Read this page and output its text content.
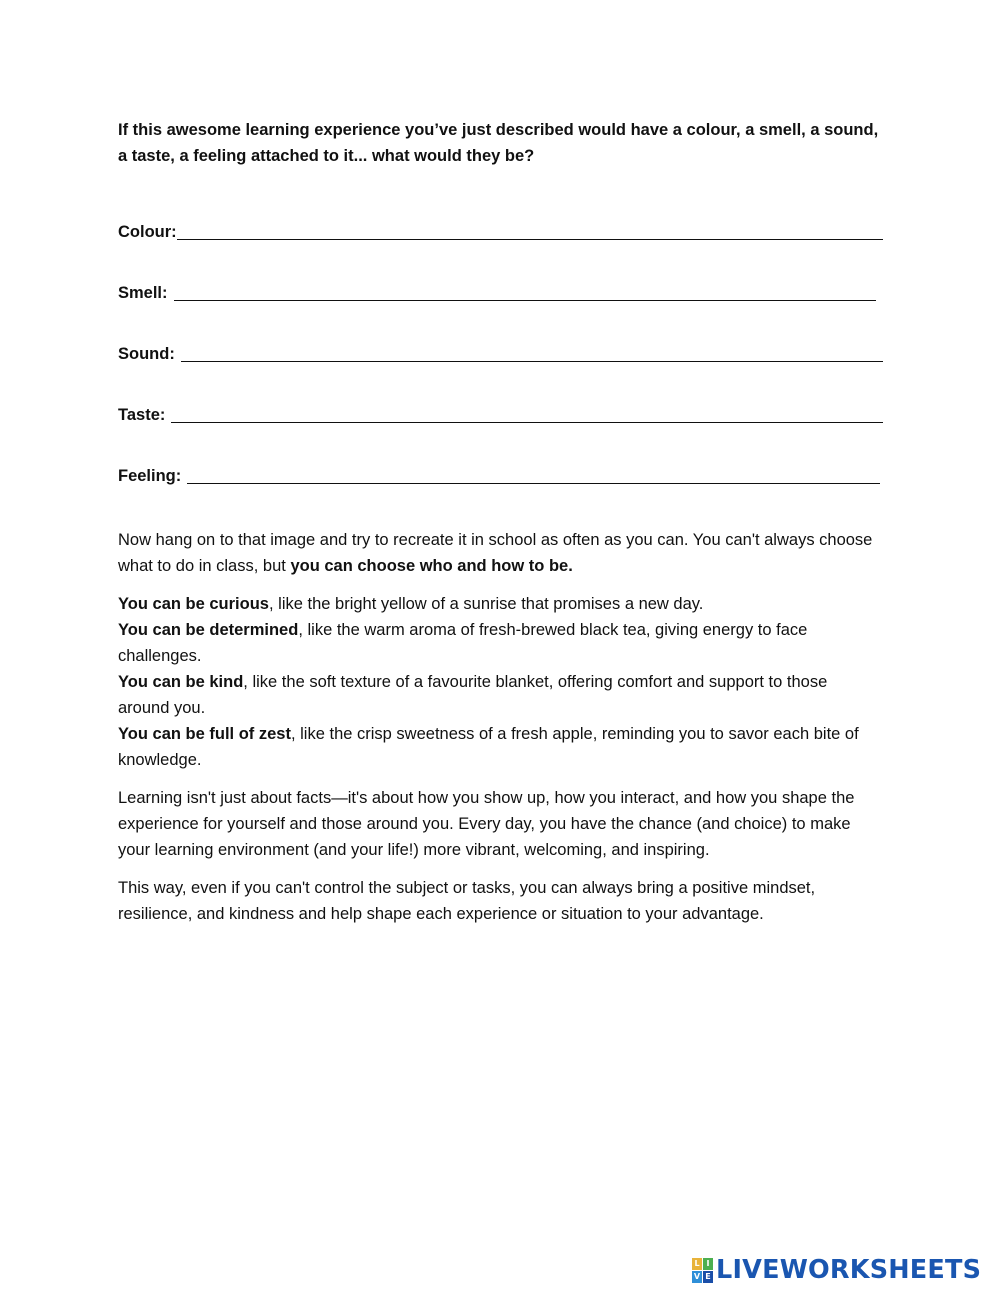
If this awesome learning experience you’ve just described would have a colour, a smell, a sound, a taste, a feeling attached to it... what would they be?

Colour:
Smell:
Sound:
Taste:
Feeling:

Now hang on to that image and try to recreate it in school as often as you can. You can't always choose what to do in class, but you can choose who and how to be.

You can be curious, like the bright yellow of a sunrise that promises a new day.

You can be determined, like the warm aroma of fresh-brewed black tea, giving energy to face challenges.

You can be kind, like the soft texture of a favourite blanket, offering comfort and support to those around you.

You can be full of zest, like the crisp sweetness of a fresh apple, reminding you to savor each bite of knowledge.

Learning isn't just about facts—it's about how you show up, how you interact, and how you shape the experience for yourself and those around you. Every day, you have the chance (and choice) to make your learning environment (and your life!) more vibrant, welcoming, and inspiring.

This way, even if you can't control the subject or tasks, you can always bring a positive mindset, resilience, and kindness and help shape each experience or situation to your advantage.

L I
V E LIVEWORKSHEETS
